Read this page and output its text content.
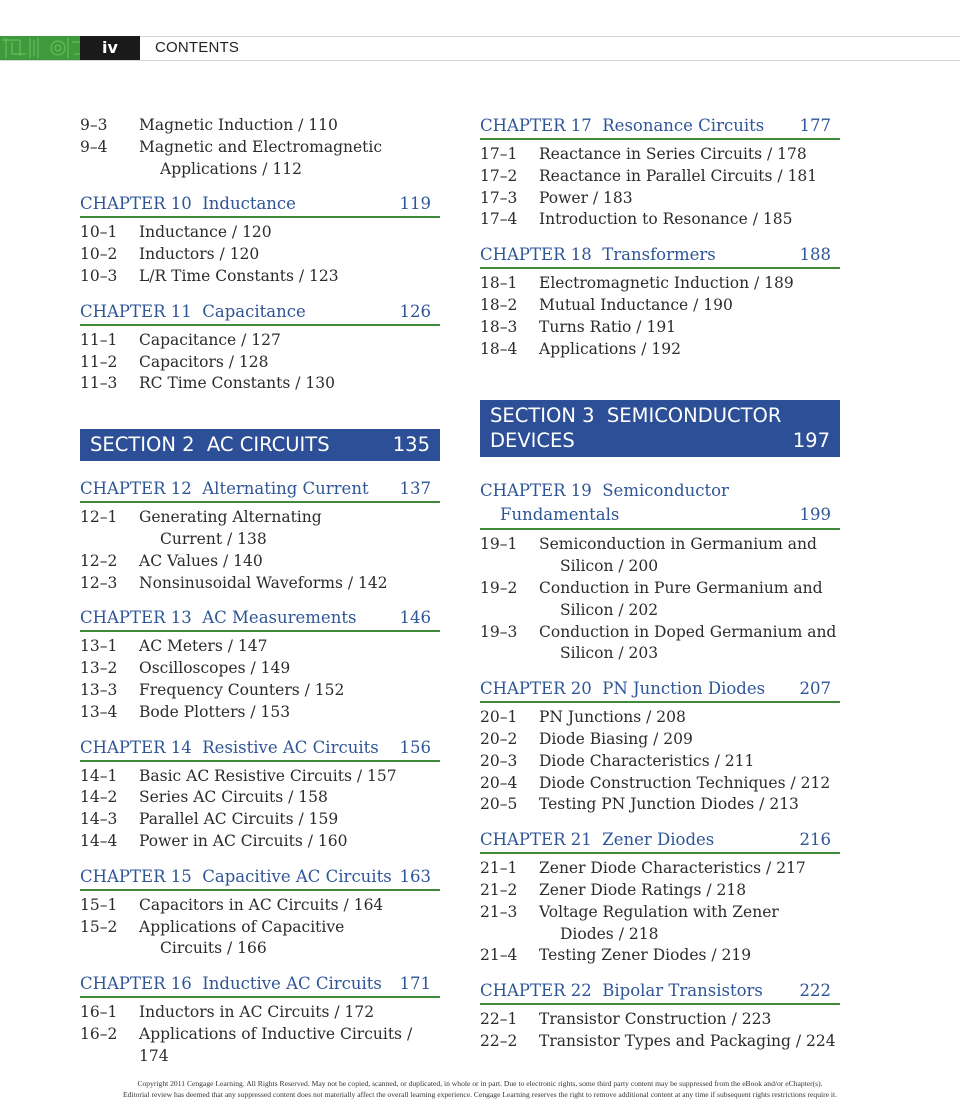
iv	CONTENTS
9–3	Magnetic Induction / 110
9–4	Magnetic and Electromagnetic
Applications / 112
CHAPTER 10 Inductance	119
10–1	Inductance / 120
10–2	Inductors / 120
10–3	L/R Time Constants / 123
CHAPTER 11 Capacitance	126
11–1	Capacitance / 127
11–2	Capacitors / 128
11–3	RC Time Constants / 130
SECTION 2  AC CIRCUITS	135
CHAPTER 12 Alternating Current 137
12–1	Generating Alternating
Current / 138
12–2	AC Values / 140
12–3	Nonsinusoidal Waveforms / 142
CHAPTER 13 AC Measurements	146
13–1	AC Meters / 147
13–2	Oscilloscopes / 149
13–3	Frequency Counters / 152
13–4	Bode Plotters / 153
CHAPTER 14 Resistive AC Circuits 156
14–1	Basic AC Resistive Circuits / 157
14–2	Series AC Circuits / 158
14–3	Parallel AC Circuits / 159
14–4	Power in AC Circuits / 160
CHAPTER 15 Capacitive AC Circuits 163
15–1	Capacitors in AC Circuits / 164
15–2	Applications of Capacitive
Circuits / 166
CHAPTER 16 Inductive AC Circuits 171
16–1	Inductors in AC Circuits / 172
16–2	Applications of Inductive Circuits / 174
CHAPTER 17 Resonance Circuits 177
17–1	Reactance in Series Circuits / 178
17–2	Reactance in Parallel Circuits / 181
17–3	Power / 183
17–4	Introduction to Resonance / 185
CHAPTER 18 Transformers	188
18–1	Electromagnetic Induction / 189
18–2	Mutual Inductance / 190
18–3	Turns Ratio / 191
18–4	Applications / 192
SECTION 3  SEMICONDUCTOR
DEVICES	197
CHAPTER 19 Semiconductor
Fundamentals	199
19–1	Semiconduction in Germanium and
Silicon / 200
19–2	Conduction in Pure Germanium and
Silicon / 202
19–3	Conduction in Doped Germanium and
Silicon / 203
CHAPTER 20 PN Junction Diodes 207
20–1	PN Junctions / 208
20–2	Diode Biasing / 209
20–3	Diode Characteristics / 211
20–4	Diode Construction Techniques / 212
20–5	Testing PN Junction Diodes / 213
CHAPTER 21 Zener Diodes	216
21–1	Zener Diode Characteristics / 217
21–2	Zener Diode Ratings / 218
21–3	Voltage Regulation with Zener
Diodes / 218
21–4	Testing Zener Diodes / 219
CHAPTER 22 Bipolar Transistors 222
22–1	Transistor Construction / 223
22–2	Transistor Types and Packaging / 224
Copyright 2011 Cengage Learning. All Rights Reserved. May not be copied, scanned, or duplicated, in whole or in part. Due to electronic rights, some third party content may be suppressed from the eBook and/or eChapter(s).
Editorial review has deemed that any suppressed content does not materially affect the overall learning experience. Cengage Learning reserves the right to remove additional content at any time if subsequent rights restrictions require it.
